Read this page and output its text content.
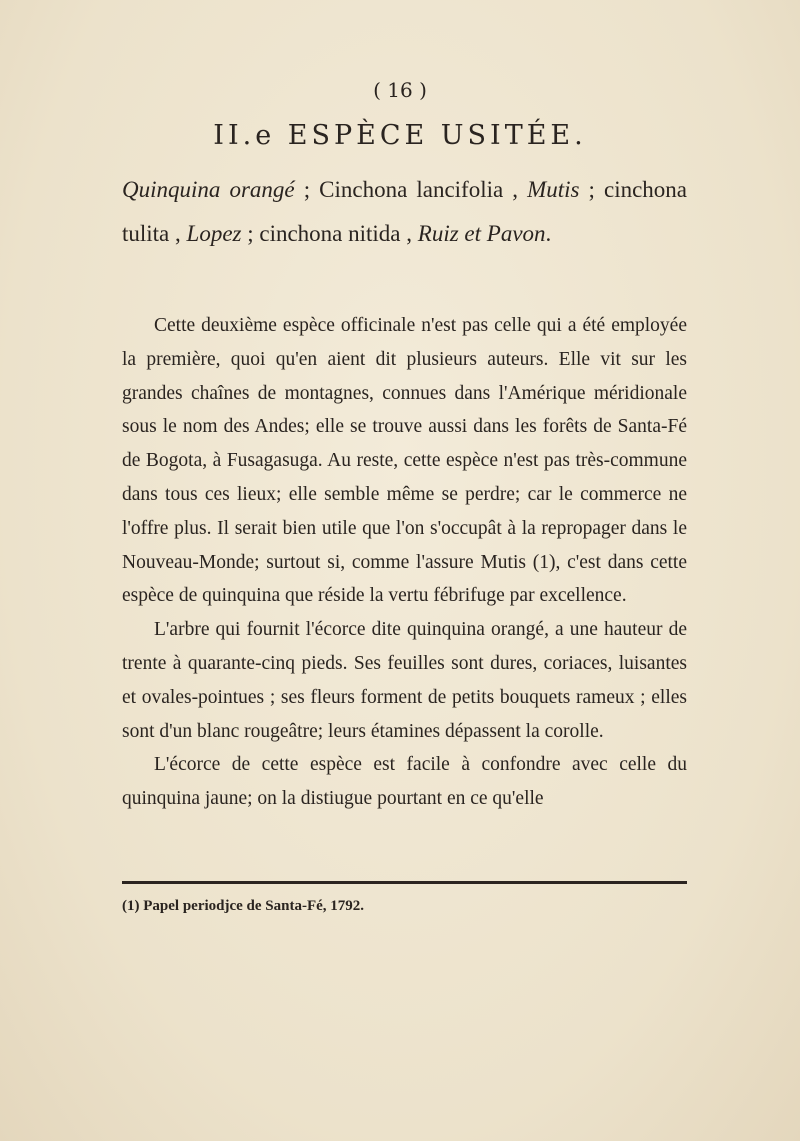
( 16 )
II.e ESPÈCE USITÉE.
Quinquina orangé ; Cinchona lancifolia , Mutis ; cinchona tulita , Lopez ; cinchona nitida , Ruiz et Pavon.

Cette deuxième espèce officinale n'est pas celle qui a été employée la première, quoi qu'en aient dit plusieurs auteurs. Elle vit sur les grandes chaînes de montagnes, connues dans l'Amérique méridionale sous le nom des Andes; elle se trouve aussi dans les forêts de Santa-Fé de Bogota, à Fusagasuga. Au reste, cette espèce n'est pas très-commune dans tous ces lieux; elle semble même se perdre; car le commerce ne l'offre plus. Il serait bien utile que l'on s'occupât à la repropager dans le Nouveau-Monde; surtout si, comme l'assure Mutis (1), c'est dans cette espèce de quinquina que réside la vertu fébrifuge par excellence.

L'arbre qui fournit l'écorce dite quinquina orangé, a une hauteur de trente à quarante-cinq pieds. Ses feuilles sont dures, coriaces, luisantes et ovales-pointues ; ses fleurs forment de petits bouquets rameux ; elles sont d'un blanc rougeâtre; leurs étamines dépassent la corolle.

L'écorce de cette espèce est facile à confondre avec celle du quinquina jaune; on la distiugue pourtant en ce qu'elle

(1) Papel periodjce de Santa-Fé, 1792.
